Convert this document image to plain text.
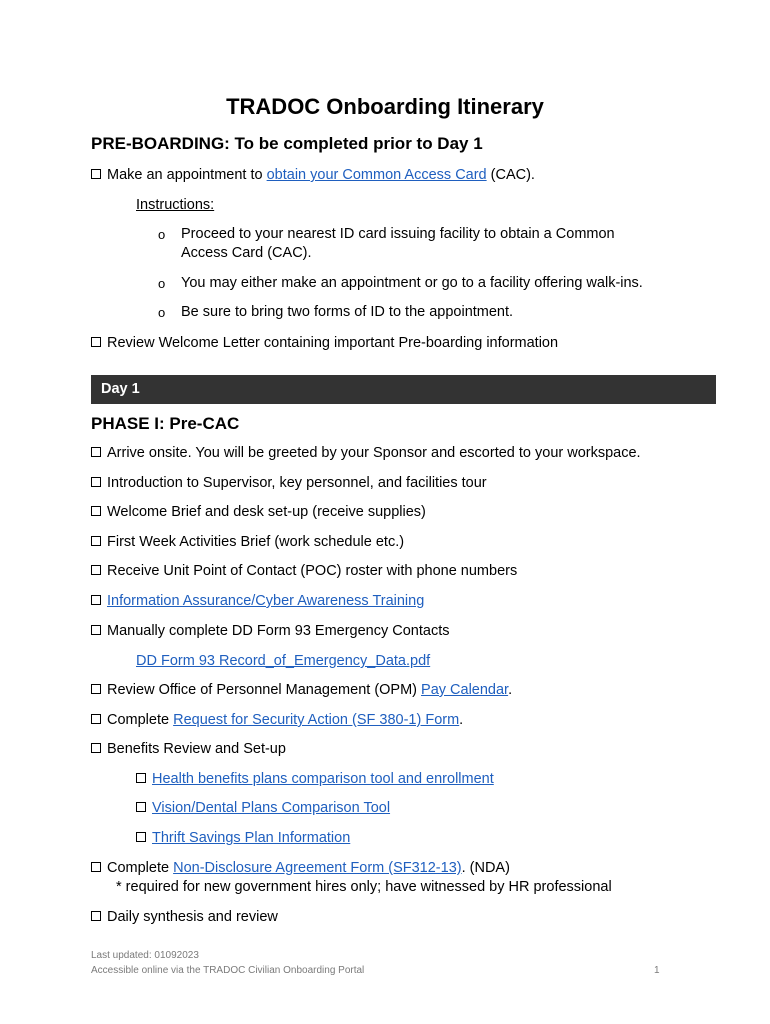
TRADOC Onboarding Itinerary
PRE-BOARDING: To be completed prior to Day 1
Make an appointment to obtain your Common Access Card (CAC).
Instructions:
o Proceed to your nearest ID card issuing facility to obtain a Common
Access Card (CAC).
o You may either make an appointment or go to a facility offering walk-ins.
o Be sure to bring two forms of ID to the appointment.
Review Welcome Letter containing important Pre-boarding information
Day 1
PHASE I: Pre-CAC
Arrive onsite. You will be greeted by your Sponsor and escorted to your workspace.
Introduction to Supervisor, key personnel, and facilities tour
Welcome Brief and desk set-up (receive supplies)
First Week Activities Brief (work schedule etc.)
Receive Unit Point of Contact (POC) roster with phone numbers
Information Assurance/Cyber Awareness Training
Manually complete DD Form 93 Emergency Contacts
DD Form 93 Record_of_Emergency_Data.pdf
Review Office of Personnel Management (OPM) Pay Calendar.
Complete Request for Security Action (SF 380-1) Form.
Benefits Review and Set-up
Health benefits plans comparison tool and enrollment
Vision/Dental Plans Comparison Tool
Thrift Savings Plan Information
Complete Non-Disclosure Agreement Form (SF312-13). (NDA)
* required for new government hires only; have witnessed by HR professional
Daily synthesis and review
Last updated: 01092023
Accessible online via the TRADOC Civilian Onboarding Portal	1
